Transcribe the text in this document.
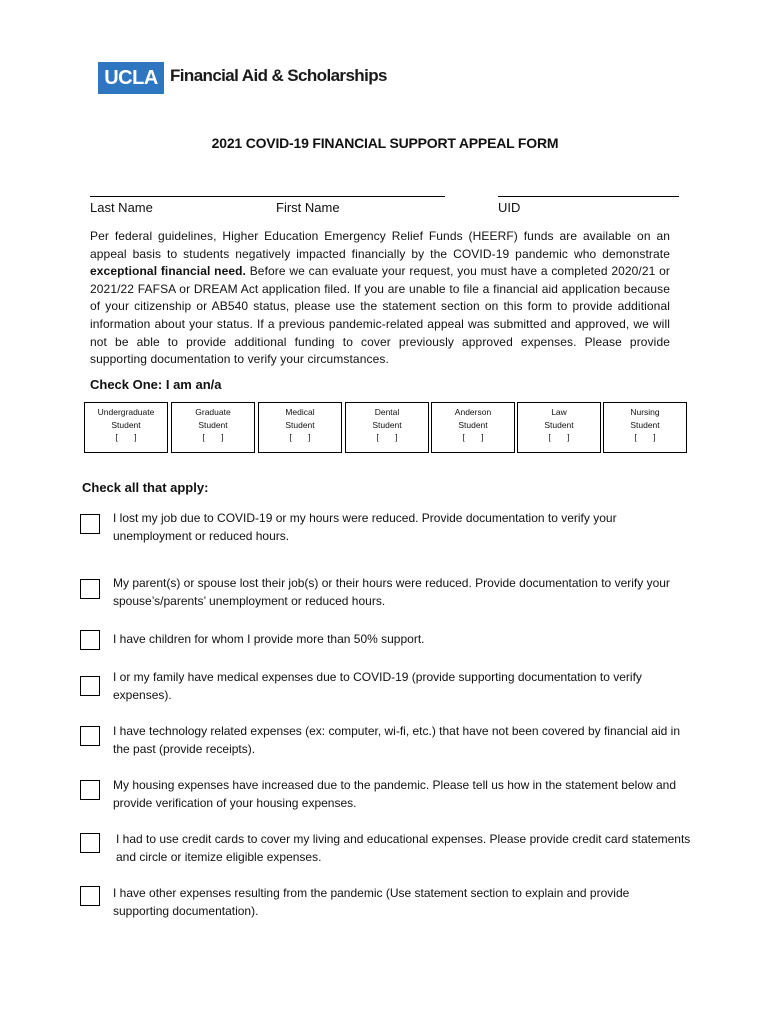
UCLA Financial Aid & Scholarships
2021 COVID-19 FINANCIAL SUPPORT APPEAL FORM
Last Name	First Name	UID
Per federal guidelines, Higher Education Emergency Relief Funds (HEERF) funds are available on an appeal basis to students negatively impacted financially by the COVID-19 pandemic who demonstrate exceptional financial need. Before we can evaluate your request, you must have a completed 2020/21 or 2021/22 FAFSA or DREAM Act application filed. If you are unable to file a financial aid application because of your citizenship or AB540 status, please use the statement section on this form to provide additional information about your status. If a previous pandemic-related appeal was submitted and approved, we will not be able to provide additional funding to cover previously approved expenses. Please provide supporting documentation to verify your circumstances.
Check One: I am an/a
Undergraduate
Student
[       ]
Graduate
Student
[       ]
Medical
Student
[       ]
Dental
Student
[       ]
Anderson
Student
[       ]
Law
Student
[       ]
Nursing
Student
[       ]
Check all that apply:
I lost my job due to COVID-19 or my hours were reduced. Provide documentation to verify your unemployment or reduced hours.
My parent(s) or spouse lost their job(s) or their hours were reduced. Provide documentation to verify your spouse’s/parents’ unemployment or reduced hours.
I have children for whom I provide more than 50% support.
I or my family have medical expenses due to COVID-19 (provide supporting documentation to verify expenses).
I have technology related expenses (ex: computer, wi-fi, etc.) that have not been covered by financial aid in the past (provide receipts).
My housing expenses have increased due to the pandemic. Please tell us how in the statement below and provide verification of your housing expenses.
I had to use credit cards to cover my living and educational expenses. Please provide credit card statements and circle or itemize eligible expenses.
I have other expenses resulting from the pandemic (Use statement section to explain and provide supporting documentation).
